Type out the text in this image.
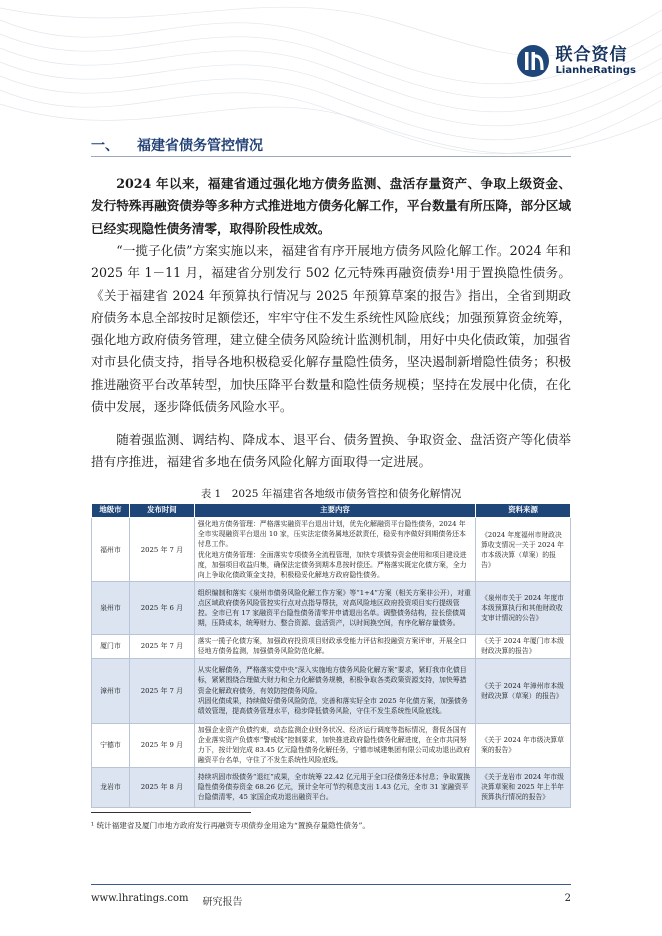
联合资信
LianheRatings
一、 福建省债务管控情况

2024 年以来，福建省通过强化地方债务监测、盘活存量资产、争取上级资金、发行特殊再融资债券等多种方式推进地方债务化解工作，平台数量有所压降，部分区域已经实现隐性债务清零，取得阶段性成效。

“一揽子化债”方案实施以来，福建省有序开展地方债务风险化解工作。2024 年和 2025 年 1－11 月，福建省分别发行 502 亿元特殊再融资债券¹用于置换隐性债务。《关于福建省 2024 年预算执行情况与 2025 年预算草案的报告》指出，全省到期政府债务本息全部按时足额偿还，牢牢守住不发生系统性风险底线；加强预算资金统筹，强化地方政府债务管理，建立健全债务风险统计监测机制，用好中央化债政策，加强省对市县化债支持，指导各地积极稳妥化解存量隐性债务，坚决遏制新增隐性债务；积极推进融资平台改革转型，加快压降平台数量和隐性债务规模；坚持在发展中化债，在化债中发展，逐步降低债务风险水平。

随着强监测、调结构、降成本、退平台、债务置换、争取资金、盘活资产等化债举措有序推进，福建省多地在债务风险化解方面取得一定进展。

表 1　2025 年福建省各地级市债务管控和债务化解情况
地级市	发布时间	主要内容	资料来源
福州市	2025 年 7 月	强化地方债务管理：严格落实融资平台退出计划，优先化解融资平台隐性债务，2024 年全市实现融资平台退出 10 家，压实法定债务属地还款责任，稳妥有序做好到期债务还本付息工作。
优化地方债务管理：全面落实专项债务全流程管理，加快专项债券资金使用和项目建设进度，加强项目收益归集，确保法定债务到期本息按时偿还。严格落实既定化债方案，全力向上争取化债政策金支持，积极稳妥化解地方政府隐性债务。	《2024 年度福州市财政决算收支情况一关于 2024 年市本级决算（草案）的报告》
泉州市	2025 年 6 月	组织编制和落实《泉州市债务风险化解工作方案》等“1+4”方案（相关方案非公开），对重点区域政府债务风险管控实行点对点指导帮扶，对高风险地区政府投资项目实行提级管控。全市已有 17 家融资平台隐性债务清零并申请退出名单。调整债务结构，拉长偿债周期，压降成本，统筹财力、整合资源、盘活资产，以时间换空间，有序化解存量债务。	《泉州市关于 2024 年度市本级预算执行和其他财政收支审计情况的公告》
厦门市	2025 年 7 月	落实一揽子化债方案，加强政府投资项目财政承受能力评估和投融资方案评审，开展全口径地方债务监测，加强债务风险防范化解。	《关于 2024 年厦门市本级财政决算的报告》
漳州市	2025 年 7 月	从实化解债务，严格落实党中央“深入实施地方债务风险化解方案”要求，紧盯我市化债目标，紧紧围绕合理做大财力和全力化解债务规模，积极争取各类政策资源支持，加快筹措资金化解政府债务，有效防控债务风险。
巩固化债成果，持续做好债务风险防范，完善和落实好全市 2025 年化债方案，加强债务绩效管理，提高债务管理水平，稳步降低债务风险，守住不发生系统性风险底线。	《关于 2024 年漳州市本级财政决算（草案）的报告》
宁德市	2025 年 9 月	加强企业资产负债约束，动态监测企业财务状况、经济运行调度等指标情况，督促各国有企业落实资产负债率“警戒线”控制要求，加快推进政府隐性债务化解进度，在全市共同努力下，按计划完成 83.45 亿元隐性债务化解任务，宁德市城建集团有限公司成功退出政府融资平台名单，守住了不发生系统性风险底线。	《关于 2024 年市级决算草案的报告》
龙岩市	2025 年 8 月	持续巩固市级债务“退红”成果，全市统筹 22.42 亿元用于全口径债务还本付息；争取置换隐性债务债券资金 68.26 亿元，预计全年可节约利息支出 1.43 亿元，全市 31 家融资平台隐债清零，45 家国企成功退出融资平台。	《关于龙岩市 2024 年市级决算草案和 2025 年上半年预算执行情况的报告》
¹ 统计福建省及厦门市地方政府发行再融资专项债券金用途为“置换存量隐性债务”。
www.lhratings.com 研究报告	2
